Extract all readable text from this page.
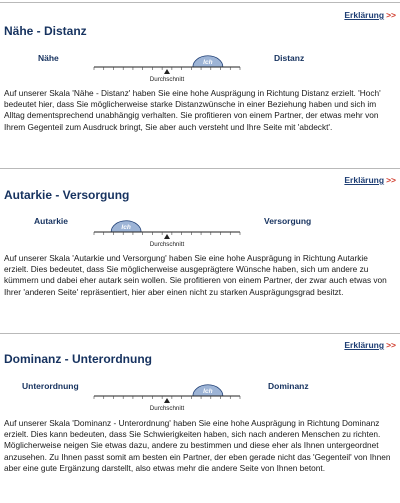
Erklärung >>
Nähe - Distanz
Nähe	Distanz
Ich
Durchschnitt

Auf unserer Skala 'Nähe - Distanz' haben Sie eine hohe Ausprägung in Richtung Distanz erzielt. 'Hoch' bedeutet hier, dass Sie möglicherweise starke Distanzwünsche in einer Beziehung haben und sich im Alltag dementsprechend unabhängig verhalten. Sie profitieren von einem Partner, der etwas mehr von Ihrem Gegenteil zum Ausdruck bringt, Sie aber auch versteht und Ihre Seite mit 'abdeckt'.

Erklärung >>
Autarkie - Versorgung
Autarkie	Versorgung
Ich
Durchschnitt

Auf unserer Skala 'Autarkie und Versorgung' haben Sie eine hohe Ausprägung in Richtung Autarkie erzielt. Dies bedeutet, dass Sie möglicherweise ausgeprägtere Wünsche haben, sich um andere zu kümmern und dabei eher autark sein wollen. Sie profitieren von einem Partner, der zwar auch etwas von Ihrer 'anderen Seite' repräsentiert, hier aber einen nicht zu starken Ausprägungsgrad besitzt.

Erklärung >>
Dominanz - Unterordnung
Unterordnung	Dominanz
Ich
Durchschnitt

Auf unserer Skala 'Dominanz - Unterordnung' haben Sie eine hohe Ausprägung in Richtung Dominanz erzielt. Dies kann bedeuten, dass Sie Schwierigkeiten haben, sich nach anderen Menschen zu richten. Möglicherweise neigen Sie etwas dazu, andere zu bestimmen und diese eher als Ihnen untergeordnet anzusehen. Zu Ihnen passt somit am besten ein Partner, der eben gerade nicht das 'Gegenteil' von Ihnen aber eine gute Ergänzung darstellt, also etwas mehr die andere Seite von Ihnen betont.
